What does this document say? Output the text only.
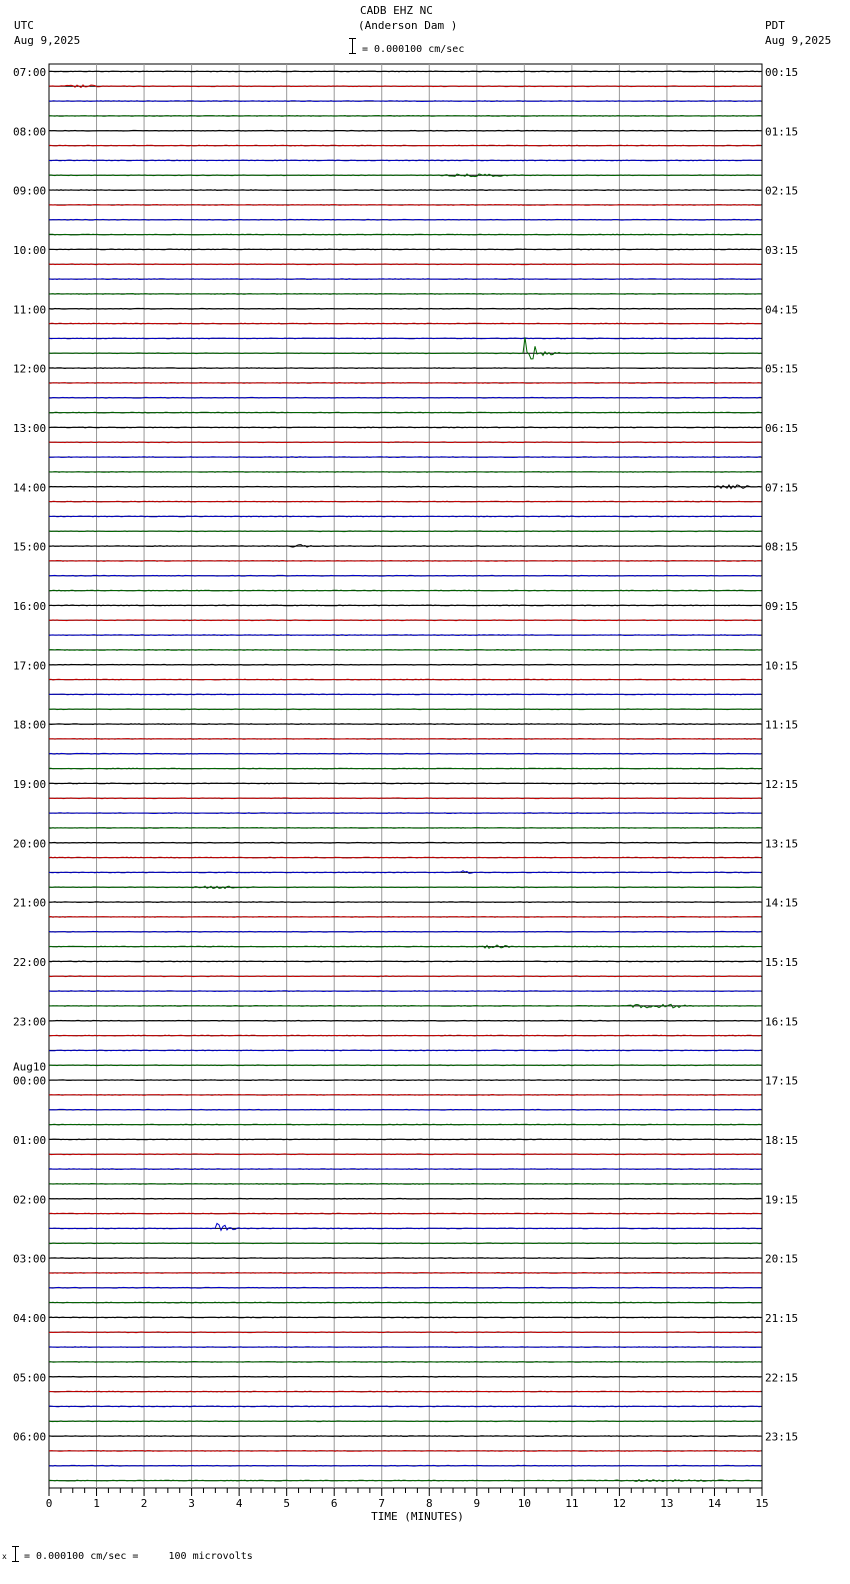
UTC
Aug 9,2025
CADB EHZ NC
(Anderson Dam )	PDT
Aug 9,2025
= 0.000100 cm/sec
07:00
08:00
09:00
10:00
11:00
12:00
13:00
14:00
15:00
16:00
17:00
18:00
19:00
20:00
21:00
22:00
23:00
00:00
01:00
02:00
03:00
04:00
05:00
06:00
Aug10
00:15
01:15
02:15
03:15
04:15
05:15
06:15
07:15
08:15
09:15
10:15
11:15
12:15
13:15
14:15
15:15
16:15
17:15
18:15
19:15
20:15
21:15
22:15
23:15
0	1	2	3	4	5	6	7	8	9	10	11	12	13	14	15
TIME (MINUTES)
x = 0.000100 cm/sec =     100 microvolts
